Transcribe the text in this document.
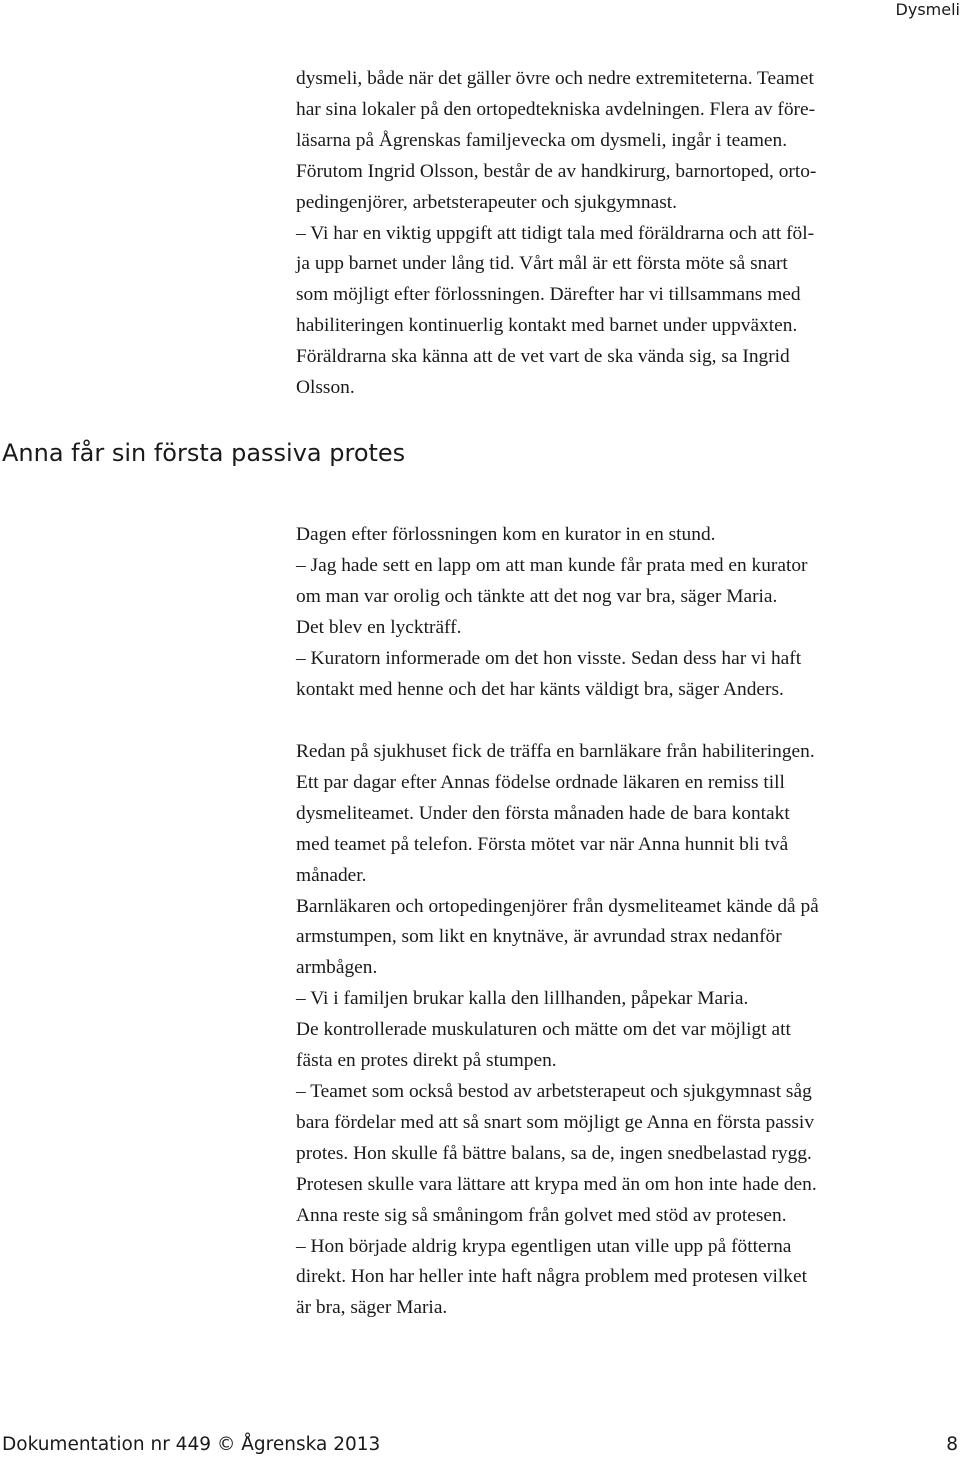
Dysmeli
dysmeli, både när det gäller övre och nedre extremiteterna. Teamet
har sina lokaler på den ortopedtekniska avdelningen. Flera av före-
läsarna på Ågrenskas familjevecka om dysmeli, ingår i teamen.
Förutom Ingrid Olsson, består de av handkirurg, barnortoped, orto-
pedingenjörer, arbetsterapeuter och sjukgymnast.
– Vi har en viktig uppgift att tidigt tala med föräldrarna och att föl-
ja upp barnet under lång tid. Vårt mål är ett första möte så snart
som möjligt efter förlossningen. Därefter har vi tillsammans med
habiliteringen kontinuerlig kontakt med barnet under uppväxten.
Föräldrarna ska känna att de vet vart de ska vända sig, sa Ingrid
Olsson.
Anna får sin första passiva protes
Dagen efter förlossningen kom en kurator in en stund.
– Jag hade sett en lapp om att man kunde får prata med en kurator
om man var orolig och tänkte att det nog var bra, säger Maria.
Det blev en lyckträff.
– Kuratorn informerade om det hon visste. Sedan dess har vi haft
kontakt med henne och det har känts väldigt bra, säger Anders.
Redan på sjukhuset fick de träffa en barnläkare från habiliteringen.
Ett par dagar efter Annas födelse ordnade läkaren en remiss till
dysmeliteamet. Under den första månaden hade de bara kontakt
med teamet på telefon. Första mötet var när Anna hunnit bli två
månader.
Barnläkaren och ortopedingenjörer från dysmeliteamet kände då på
armstumpen, som likt en knytnäve, är avrundad strax nedanför
armbågen.
– Vi i familjen brukar kalla den lillhanden, påpekar Maria.
De kontrollerade muskulaturen och mätte om det var möjligt att
fästa en protes direkt på stumpen.
– Teamet som också bestod av arbetsterapeut och sjukgymnast såg
bara fördelar med att så snart som möjligt ge Anna en första passiv
protes. Hon skulle få bättre balans, sa de, ingen snedbelastad rygg.
Protesen skulle vara lättare att krypa med än om hon inte hade den.
Anna reste sig så småningom från golvet med stöd av protesen.
– Hon började aldrig krypa egentligen utan ville upp på fötterna
direkt. Hon har heller inte haft några problem med protesen vilket
är bra, säger Maria.
Dokumentation nr 449 © Ågrenska 2013	8
